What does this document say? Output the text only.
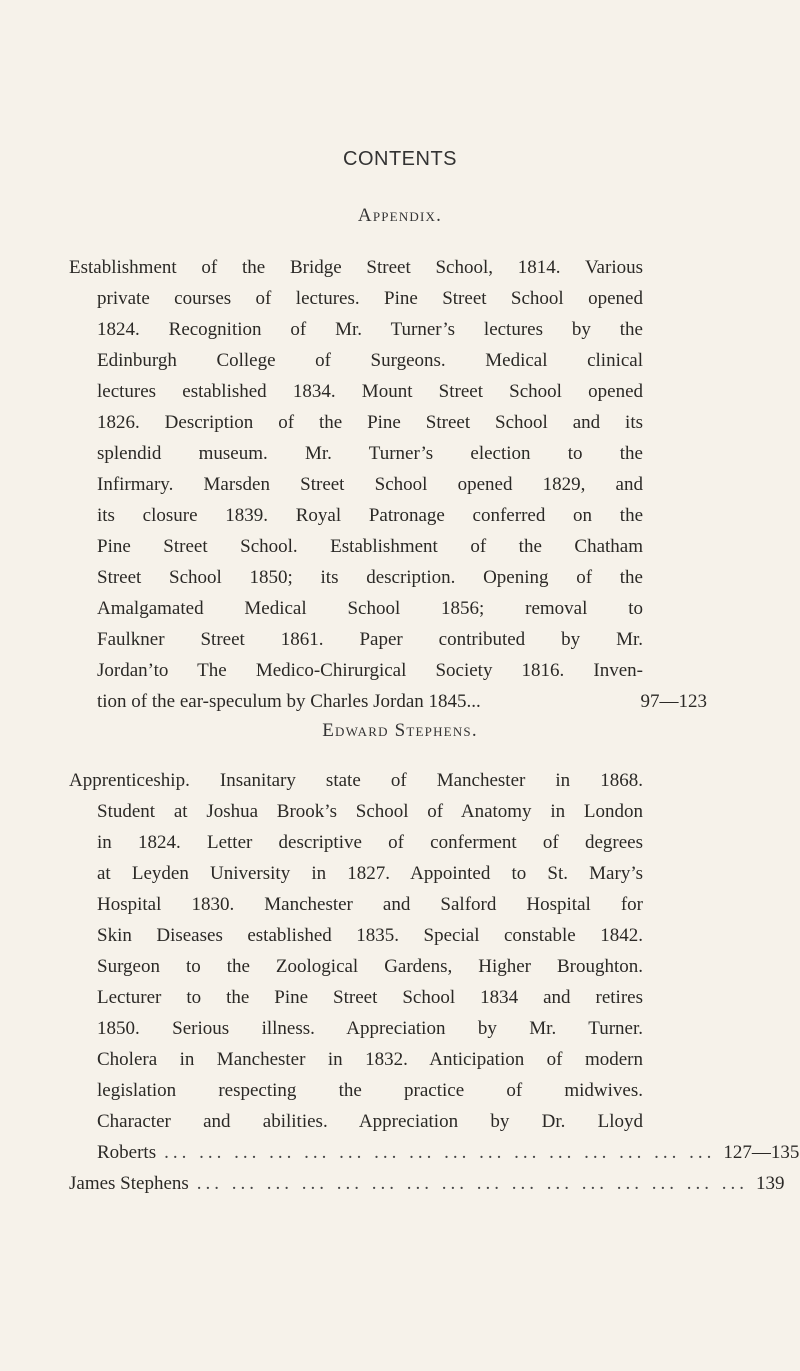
CONTENTS
Appendix.
Establishment of the Bridge Street School, 1814. Various
private courses of lectures. Pine Street School opened
1824. Recognition of Mr. Turner’s lectures by the
Edinburgh College of Surgeons. Medical clinical
lectures established 1834. Mount Street School opened
1826. Description of the Pine Street School and its
splendid museum. Mr. Turner’s election to the
Infirmary. Marsden Street School opened 1829, and
its closure 1839. Royal Patronage conferred on the
Pine Street School. Establishment of the Chatham
Street School 1850; its description. Opening of the
Amalgamated Medical School 1856; removal to
Faulkner Street 1861. Paper contributed by Mr.
Jordan’to The Medico-Chirurgical Society 1816. Inven-
tion of the ear-speculum by Charles Jordan 1845...	97—123
Edward Stephens.
Apprenticeship. Insanitary state of Manchester in 1868.
Student at Joshua Brook’s School of Anatomy in London
in 1824. Letter descriptive of conferment of degrees
at Leyden University in 1827. Appointed to St. Mary’s
Hospital 1830. Manchester and Salford Hospital for
Skin Diseases established 1835. Special constable 1842.
Surgeon to the Zoological Gardens, Higher Broughton.
Lecturer to the Pine Street School 1834 and retires
1850. Serious illness. Appreciation by Mr. Turner.
Cholera in Manchester in 1832. Anticipation of modern
legislation respecting the practice of midwives.
Character and abilities. Appreciation by Dr. Lloyd
Roberts ... ... ... ... ... ... ... ... ... ... ... ... ... ... ... ... 127—135
James Stephens ... ... ... ... ... ... ... ... ... ... ... ... ... ... ... ... 139
